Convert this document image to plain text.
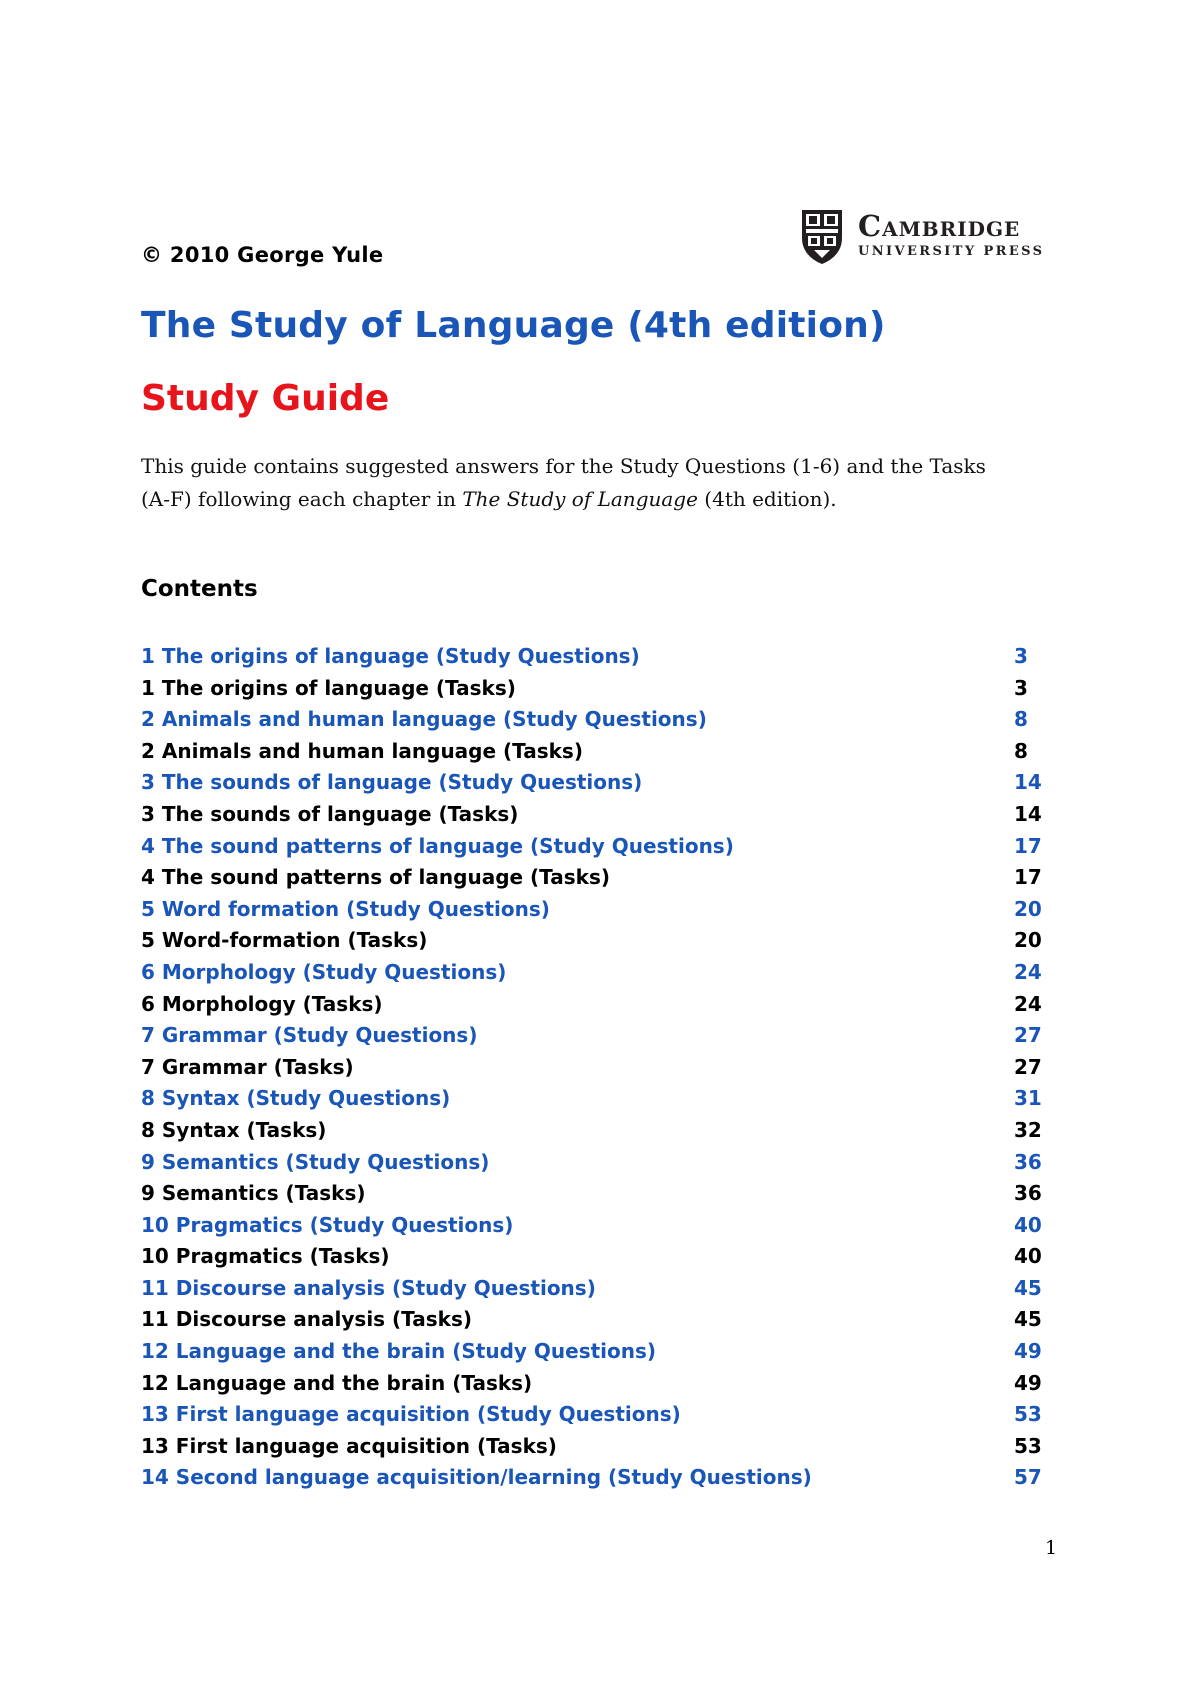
© 2010 George Yule
Cambridge
UNIVERSITY PRESS
The Study of Language (4th edition)
Study Guide
This guide contains suggested answers for the Study Questions (1-6) and the Tasks
(A-F) following each chapter in The Study of Language (4th edition).
Contents
1 The origins of language (Study Questions)	3
1 The origins of language (Tasks)	3
2 Animals and human language (Study Questions)	8
2 Animals and human language (Tasks)	8
3 The sounds of language (Study Questions)	14
3 The sounds of language (Tasks)	14
4 The sound patterns of language (Study Questions)	17
4 The sound patterns of language (Tasks)	17
5 Word formation (Study Questions)	20
5 Word-formation (Tasks)	20
6 Morphology (Study Questions)	24
6 Morphology (Tasks)	24
7 Grammar (Study Questions)	27
7 Grammar (Tasks)	27
8 Syntax (Study Questions)	31
8 Syntax (Tasks)	32
9 Semantics (Study Questions)	36
9 Semantics (Tasks)	36
10 Pragmatics (Study Questions)	40
10 Pragmatics (Tasks)	40
11 Discourse analysis (Study Questions)	45
11 Discourse analysis (Tasks)	45
12 Language and the brain (Study Questions)	49
12 Language and the brain (Tasks)	49
13 First language acquisition (Study Questions)	53
13 First language acquisition (Tasks)	53
14 Second language acquisition/learning (Study Questions)	57
1
